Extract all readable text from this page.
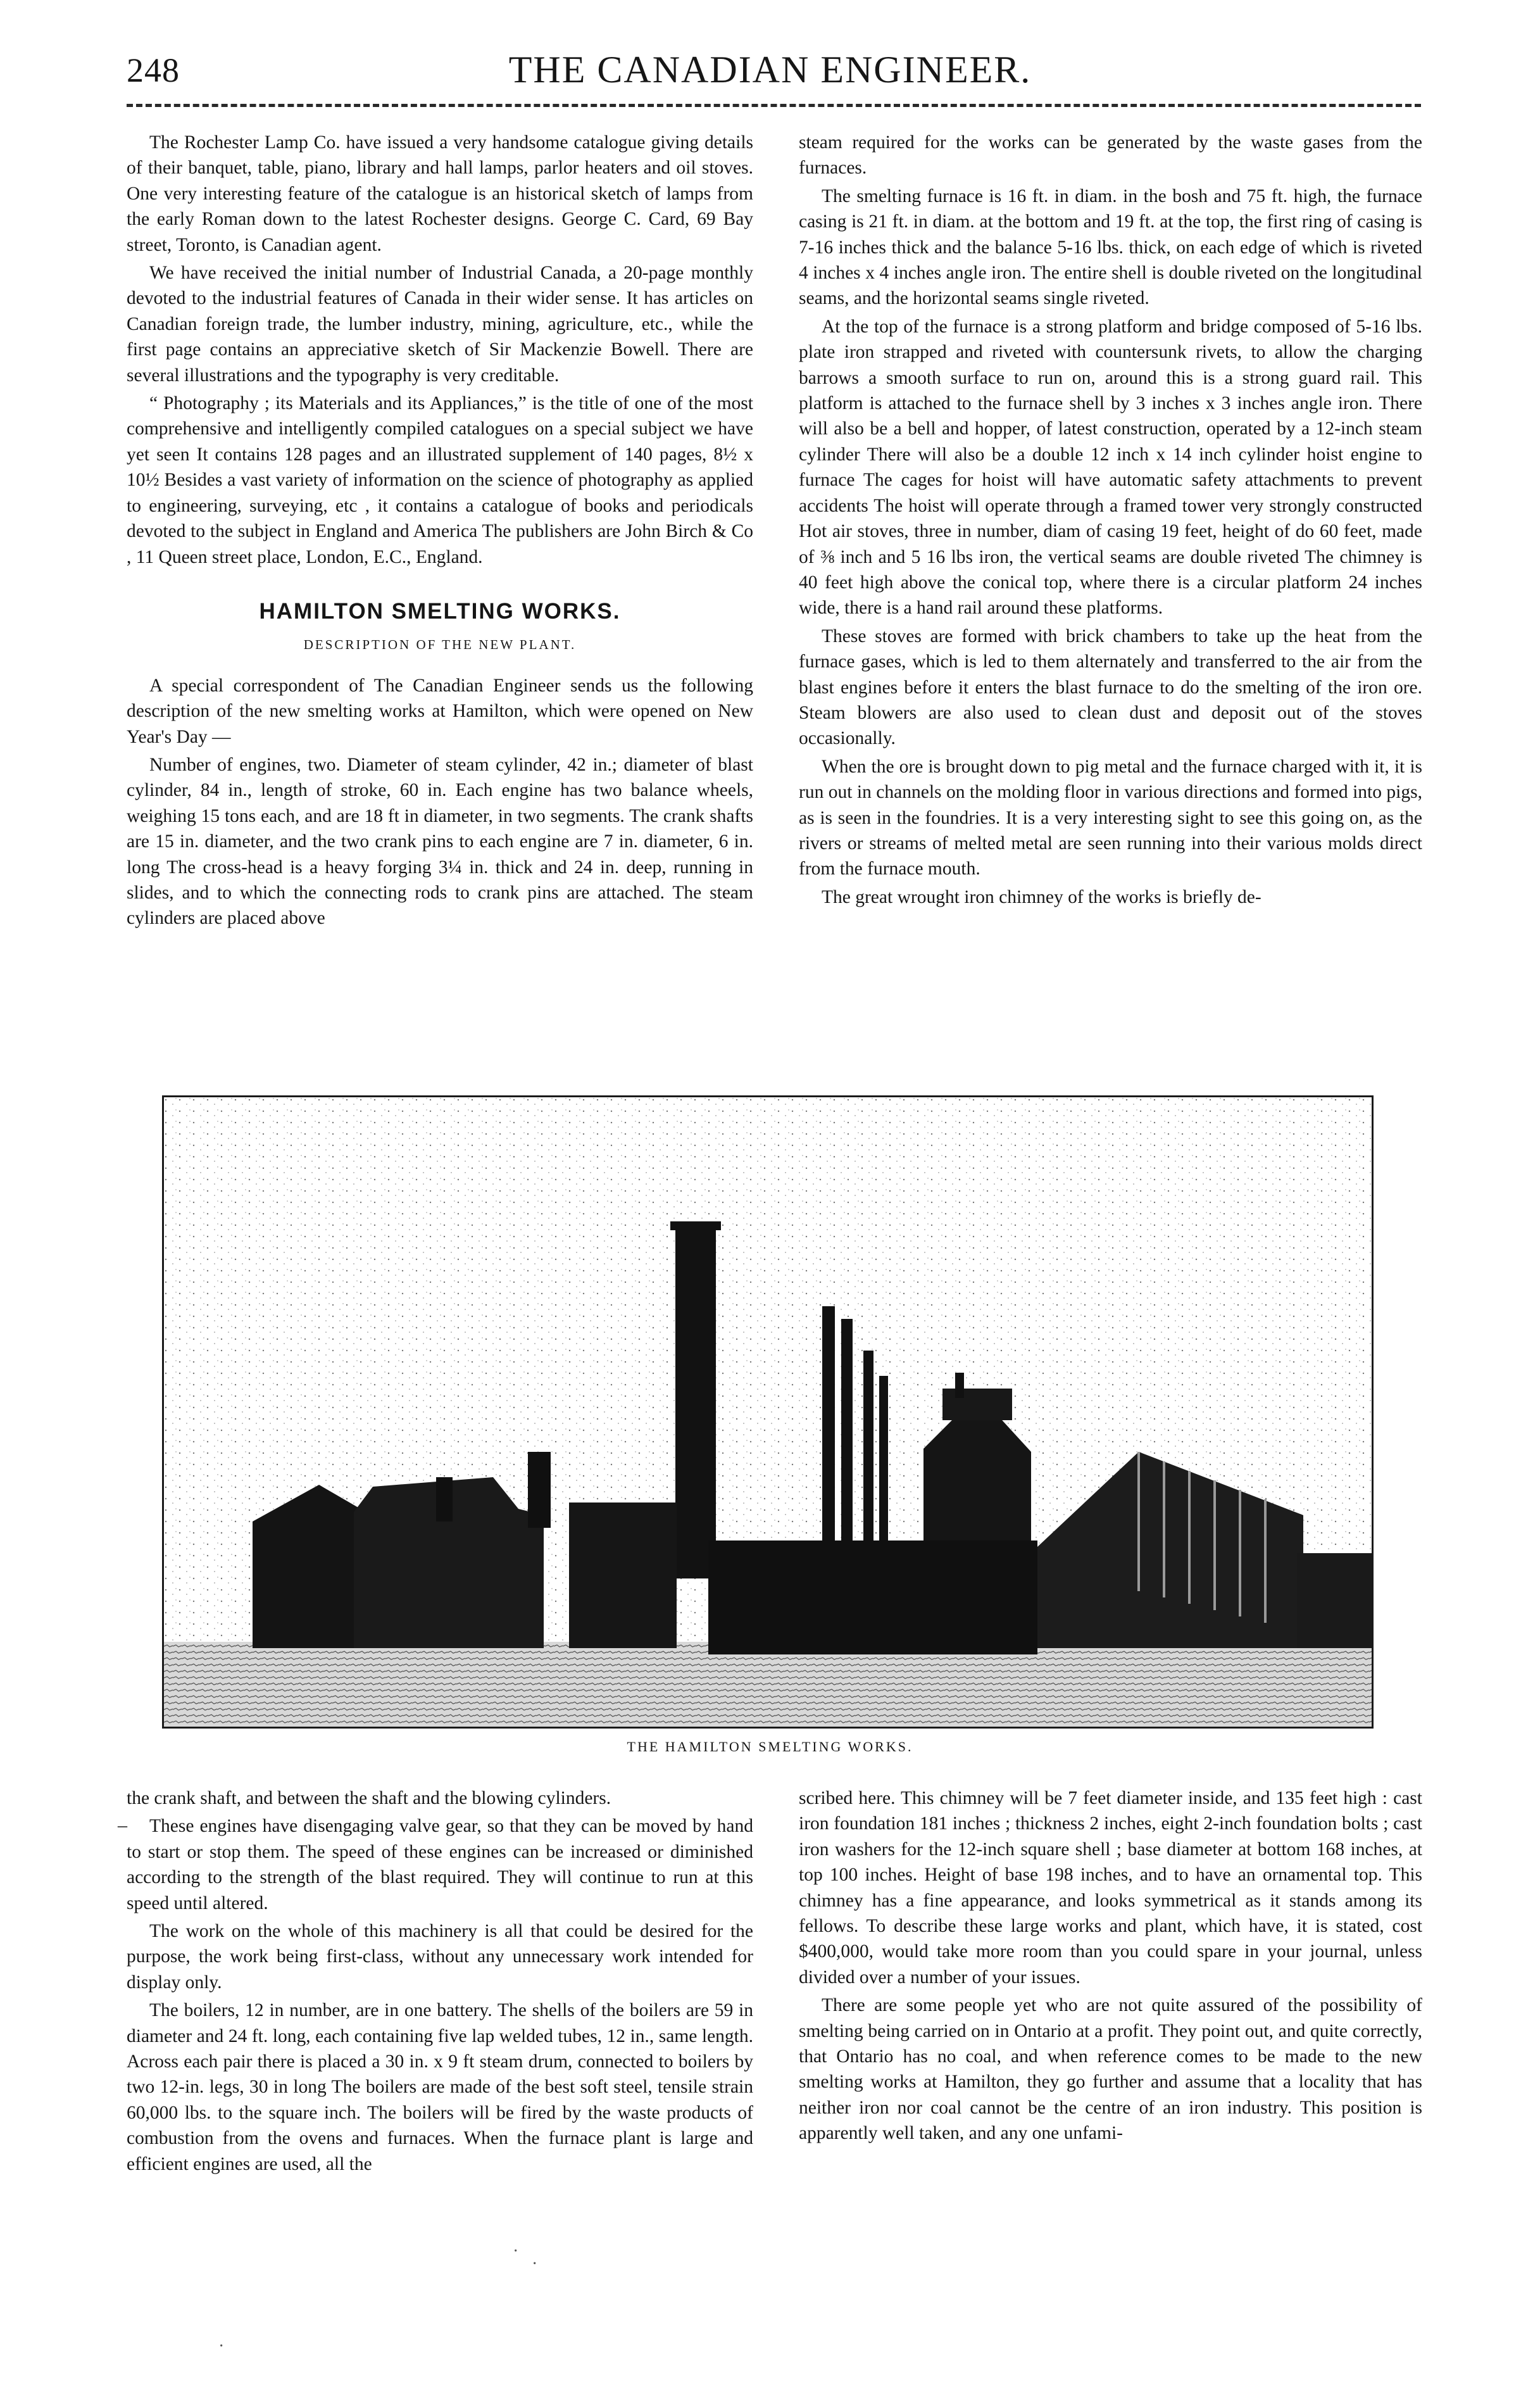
248	THE CANADIAN ENGINEER.

The Rochester Lamp Co. have issued a very handsome catalogue giving details of their banquet, table, piano, library and hall lamps, parlor heaters and oil stoves. One very interesting feature of the catalogue is an historical sketch of lamps from the early Roman down to the latest Rochester designs. George C. Card, 69 Bay street, Toronto, is Canadian agent.

We have received the initial number of Industrial Canada, a 20-page monthly devoted to the industrial features of Canada in their wider sense. It has articles on Canadian foreign trade, the lumber industry, mining, agriculture, etc., while the first page contains an appreciative sketch of Sir Mackenzie Bowell. There are several illustrations and the typography is very creditable.

“ Photography ; its Materials and its Appliances,” is the title of one of the most comprehensive and intelligently compiled catalogues on a special subject we have yet seen It contains 128 pages and an illustrated supplement of 140 pages, 8½ x 10½ Besides a vast variety of information on the science of photography as applied to engineering, surveying, etc , it contains a catalogue of books and periodicals devoted to the subject in England and America The publishers are John Birch & Co , 11 Queen street place, London, E.C., England.

HAMILTON SMELTING WORKS.

DESCRIPTION OF THE NEW PLANT.

A special correspondent of The Canadian Engineer sends us the following description of the new smelting works at Hamilton, which were opened on New Year's Day —

Number of engines, two. Diameter of steam cylinder, 42 in.; diameter of blast cylinder, 84 in., length of stroke, 60 in. Each engine has two balance wheels, weighing 15 tons each, and are 18 ft in diameter, in two segments. The crank shafts are 15 in. diameter, and the two crank pins to each engine are 7 in. diameter, 6 in. long The cross-head is a heavy forging 3¼ in. thick and 24 in. deep, running in slides, and to which the connecting rods to crank pins are attached. The steam cylinders are placed above

steam required for the works can be generated by the waste gases from the furnaces.

The smelting furnace is 16 ft. in diam. in the bosh and 75 ft. high, the furnace casing is 21 ft. in diam. at the bottom and 19 ft. at the top, the first ring of casing is 7-16 inches thick and the balance 5-16 lbs. thick, on each edge of which is riveted 4 inches x 4 inches angle iron. The entire shell is double riveted on the longitudinal seams, and the horizontal seams single riveted.

At the top of the furnace is a strong platform and bridge composed of 5-16 lbs. plate iron strapped and riveted with countersunk rivets, to allow the charging barrows a smooth surface to run on, around this is a strong guard rail. This platform is attached to the furnace shell by 3 inches x 3 inches angle iron. There will also be a bell and hopper, of latest construction, operated by a 12-inch steam cylinder There will also be a double 12 inch x 14 inch cylinder hoist engine to furnace The cages for hoist will have automatic safety attachments to prevent accidents The hoist will operate through a framed tower very strongly constructed Hot air stoves, three in number, diam of casing 19 feet, height of do 60 feet, made of ⅜ inch and 5 16 lbs iron, the vertical seams are double riveted The chimney is 40 feet high above the conical top, where there is a circular platform 24 inches wide, there is a hand rail around these platforms.

These stoves are formed with brick chambers to take up the heat from the furnace gases, which is led to them alternately and transferred to the air from the blast engines before it enters the blast furnace to do the smelting of the iron ore. Steam blowers are also used to clean dust and deposit out of the stoves occasionally.

When the ore is brought down to pig metal and the furnace charged with it, it is run out in channels on the molding floor in various directions and formed into pigs, as is seen in the foundries. It is a very interesting sight to see this going on, as the rivers or streams of melted metal are seen running into their various molds direct from the furnace mouth.

The great wrought iron chimney of the works is briefly de-

THE HAMILTON SMELTING WORKS.
–

the crank shaft, and between the shaft and the blowing cylinders.

These engines have disengaging valve gear, so that they can be moved by hand to start or stop them. The speed of these engines can be increased or diminished according to the strength of the blast required. They will continue to run at this speed until altered.

The work on the whole of this machinery is all that could be desired for the purpose, the work being first-class, without any unnecessary work intended for display only.

The boilers, 12 in number, are in one battery. The shells of the boilers are 59 in diameter and 24 ft. long, each containing five lap welded tubes, 12 in., same length. Across each pair there is placed a 30 in. x 9 ft steam drum, connected to boilers by two 12-in. legs, 30 in long The boilers are made of the best soft steel, tensile strain 60,000 lbs. to the square inch. The boilers will be fired by the waste products of combustion from the ovens and furnaces. When the furnace plant is large and efficient engines are used, all the

scribed here. This chimney will be 7 feet diameter inside, and 135 feet high : cast iron foundation 181 inches ; thickness 2 inches, eight 2-inch foundation bolts ; cast iron washers for the 12-inch square shell ; base diameter at bottom 168 inches, at top 100 inches. Height of base 198 inches, and to have an ornamental top. This chimney has a fine appearance, and looks symmetrical as it stands among its fellows. To describe these large works and plant, which have, it is stated, cost $400,000, would take more room than you could spare in your journal, unless divided over a number of your issues.

There are some people yet who are not quite assured of the possibility of smelting being carried on in Ontario at a profit. They point out, and quite correctly, that Ontario has no coal, and when reference comes to be made to the new smelting works at Hamilton, they go further and assume that a locality that has neither iron nor coal cannot be the centre of an iron industry. This position is apparently well taken, and any one unfami-

·
·
·
